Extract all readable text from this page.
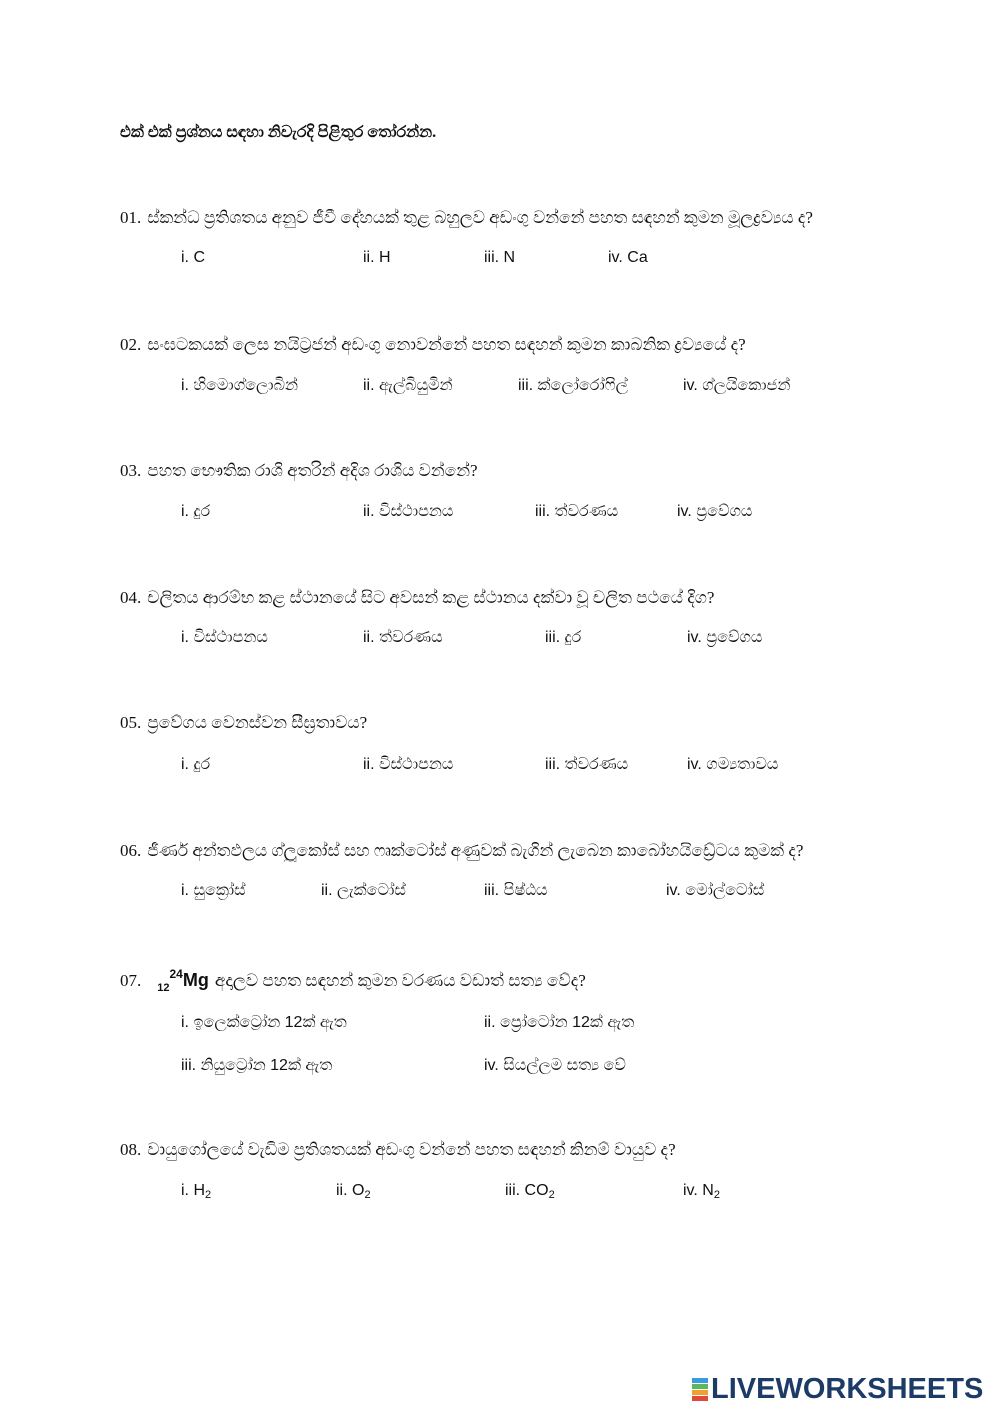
එක් එක් ප්‍රශ්නය සඳහා නිවැරදි පිළිතුර තෝරන්න.
01. ස්කන්ධ ප්‍රතිශතය අනුව ජීවී දේහයක් තුළ බහුලව අඩංගු වන්නේ පහත සඳහන් කුමන මූලද්‍රව්‍යය ද?
i. C	ii. H	iii. N	iv. Ca
02. සංඝටකයක් ලෙස නයිට්‍රජන් අඩංගු නොවන්නේ පහත සඳහන් කුමන කාබනික ද්‍රව්‍යයේ ද?
i. හිමොග්ලොබින්	ii. ඇල්බියුමින්	iii. ක්ලෝරෝෆිල්	iv. ග්ලයිකොජන්
03. පහත භෞතික රාශි අතරින් අදිශ රාශිය වන්නේ?
i. දුර	ii. විස්ථාපනය	iii. ත්වරණය	iv. ප්‍රවේගය
04. චලිතය ආරම්භ කළ ස්ථානයේ සිට අවසන් කළ ස්ථානය දක්වා වූ චලිත පථයේ දිග?
i. විස්ථාපනය	ii. ත්වරණය	iii. දුර	iv. ප්‍රවේගය
05. ප්‍රවේගය වෙනස්වන සීඝ්‍රතාවය?
i. දුර	ii. විස්ථාපනය	iii. ත්වරණය	iv. ගම්‍යතාවය
06. ජීර්ණ අන්තඵලය ග්ලූකෝස් සහ ෆෘක්ටෝස් අණුවක් බැගින් ලැබෙන කාබෝහයිඩ්‍රේටය කුමක් ද?
i. සුක්‍රෝස්	ii. ලැක්ටෝස්	iii. පිෂ්ඨය	iv. මෝල්ටෝස්
07. $_{12}^{24}$Mg අදාලව පහත සඳහන් කුමන වරණය වඩාත් සත්‍ය වේද?
i. ඉලෙක්ට්‍රෝන 12ක් ඇත	ii. ප්‍රෝටෝන 12ක් ඇත
iii. නියුට්‍රෝන 12ක් ඇත	iv. සියල්ලම සත්‍ය වේ
08. වායුගෝලයේ වැඩිම ප්‍රතිශතයක් අඩංගු වන්නේ පහත සඳහන් කිනම් වායුව ද?
i. $H_2$	ii. $O_2$	iii. $CO_2$	iv. $N_2$
LIVEWORKSHEETS
